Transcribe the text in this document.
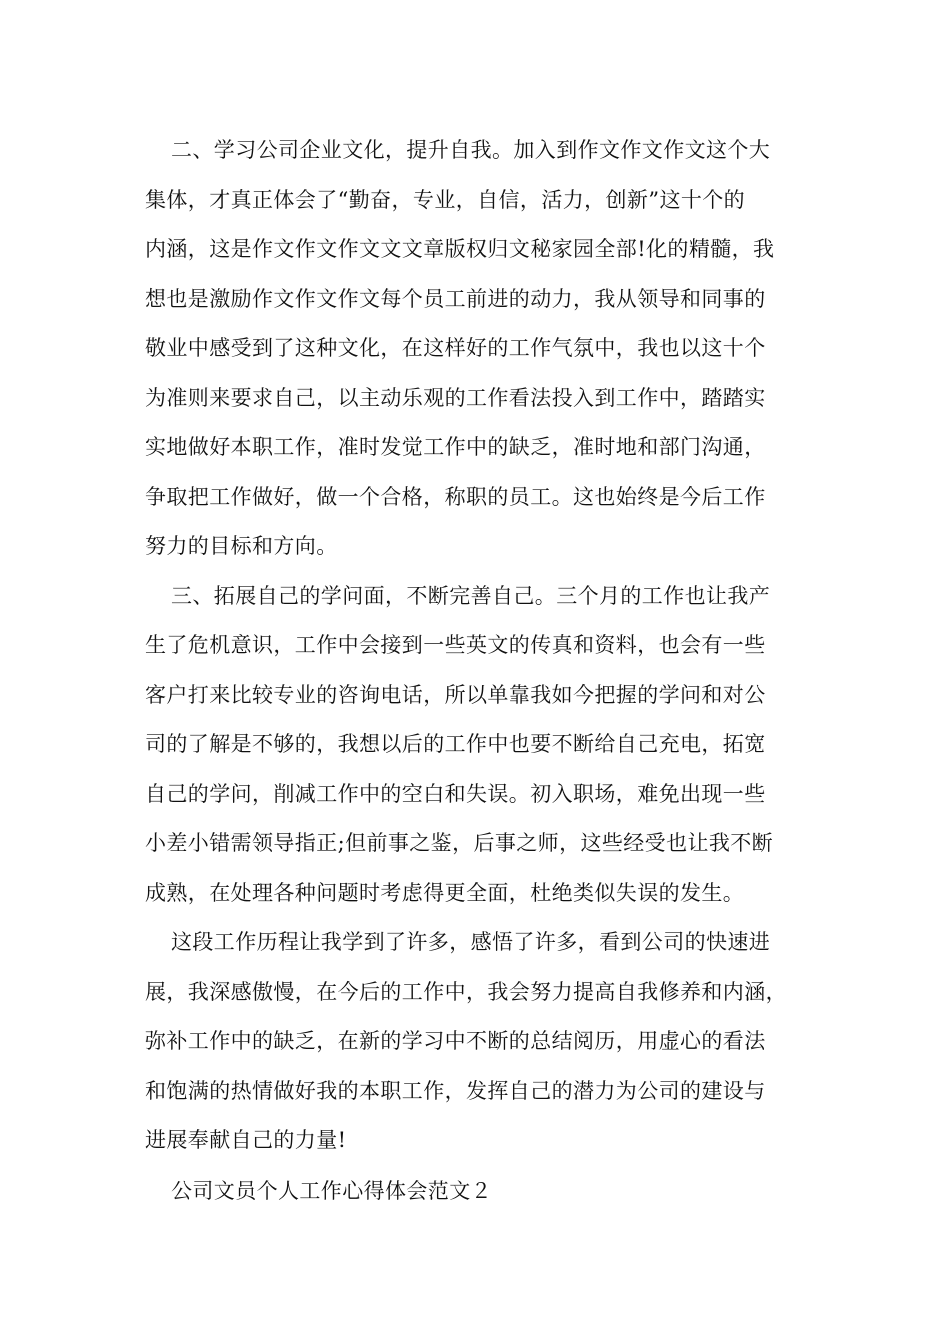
二、学习公司企业文化，提升自我。加入到作文作文作文这个大
集体，才真正体会了“勤奋，专业，自信，活力，创新”这十个的
内涵，这是作文作文作文文文章版权归文秘家园全部!化的精髓，我
想也是激励作文作文作文每个员工前进的动力，我从领导和同事的
敬业中感受到了这种文化，在这样好的工作气氛中，我也以这十个
为准则来要求自己，以主动乐观的工作看法投入到工作中，踏踏实
实地做好本职工作，准时发觉工作中的缺乏，准时地和部门沟通，
争取把工作做好，做一个合格，称职的员工。这也始终是今后工作
努力的目标和方向。
三、拓展自己的学问面，不断完善自己。三个月的工作也让我产
生了危机意识，工作中会接到一些英文的传真和资料，也会有一些
客户打来比较专业的咨询电话，所以单靠我如今把握的学问和对公
司的了解是不够的，我想以后的工作中也要不断给自己充电，拓宽
自己的学问，削减工作中的空白和失误。初入职场，难免出现一些
小差小错需领导指正;但前事之鉴，后事之师，这些经受也让我不断
成熟，在处理各种问题时考虑得更全面，杜绝类似失误的发生。
这段工作历程让我学到了许多，感悟了许多，看到公司的快速进
展，我深感傲慢，在今后的工作中，我会努力提高自我修养和内涵，
弥补工作中的缺乏，在新的学习中不断的总结阅历，用虚心的看法
和饱满的热情做好我的本职工作，发挥自己的潜力为公司的建设与
进展奉献自己的力量!
公司文员个人工作心得体会范文２
